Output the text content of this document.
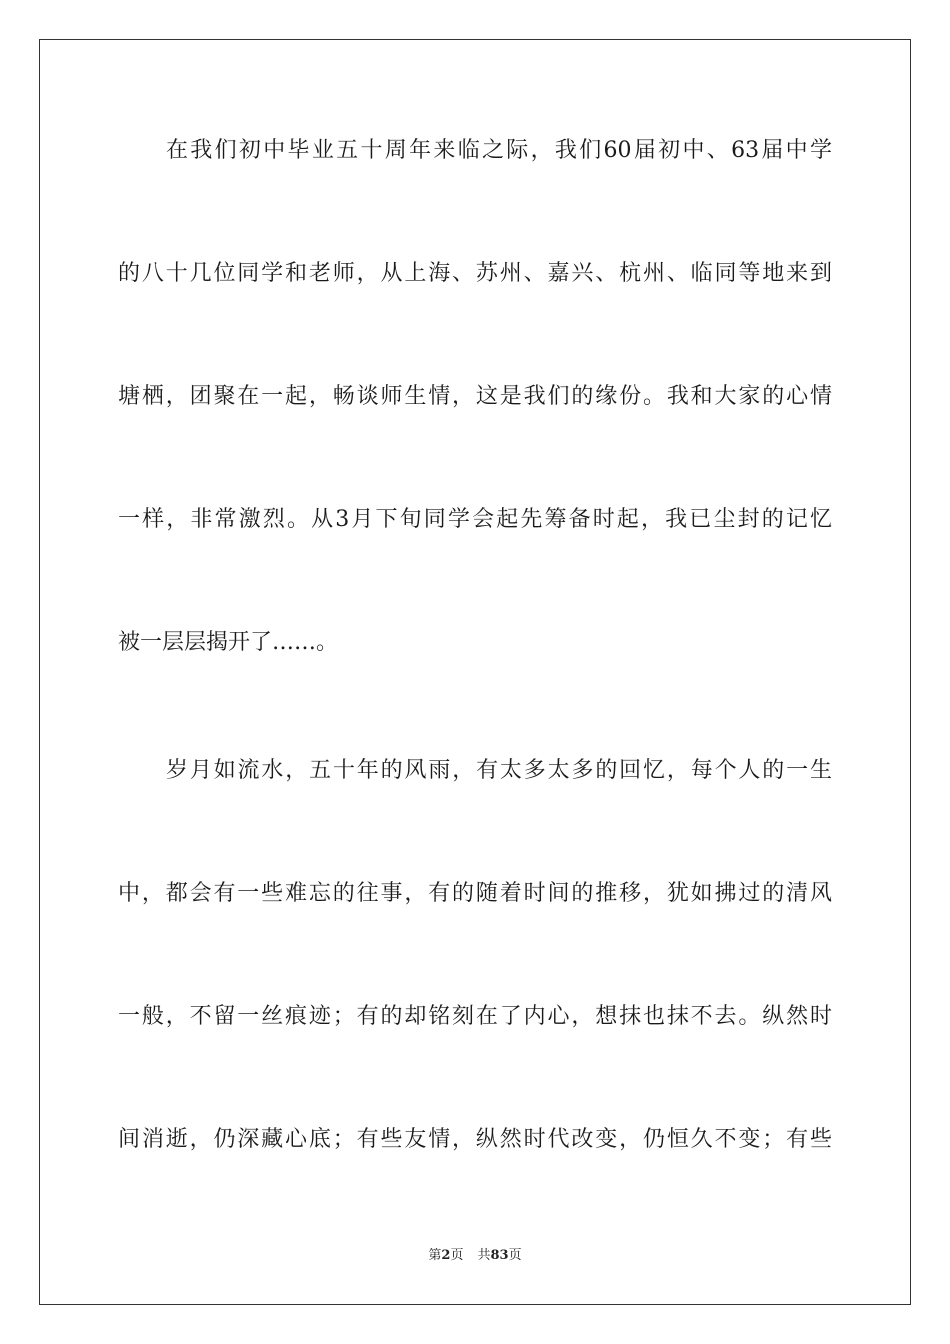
在我们初中毕业五十周年来临之际，我们60届初中、63届中学
的八十几位同学和老师，从上海、苏州、嘉兴、杭州、临同等地来到
塘栖，团聚在一起，畅谈师生情，这是我们的缘份。我和大家的心情
一样，非常激烈。从3月下旬同学会起先筹备时起，我已尘封的记忆
被一层层揭开了……。
岁月如流水，五十年的风雨，有太多太多的回忆，每个人的一生
中，都会有一些难忘的往事，有的随着时间的推移，犹如拂过的清风
一般，不留一丝痕迹；有的却铭刻在了内心，想抹也抹不去。纵然时
间消逝，仍深藏心底；有些友情，纵然时代改变，仍恒久不变；有些
第2页 共83页
